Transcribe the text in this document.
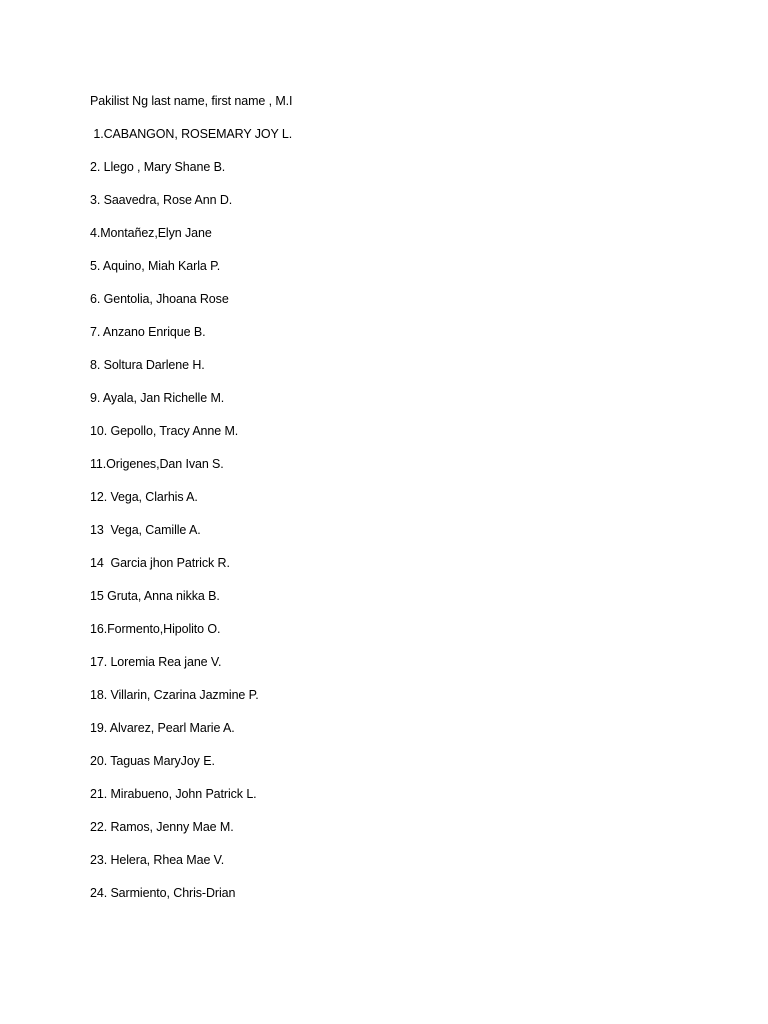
Pakilist Ng last name, first name , M.I
1.CABANGON, ROSEMARY JOY L.
2. Llego , Mary Shane B.
3. Saavedra, Rose Ann D.
4.Montañez,Elyn Jane
5. Aquino, Miah Karla P.
6. Gentolia, Jhoana Rose
7. Anzano Enrique B.
8. Soltura Darlene H.
9. Ayala, Jan Richelle M.
10. Gepollo, Tracy Anne M.
11.Origenes,Dan Ivan S.
12. Vega, Clarhis A.
13  Vega, Camille A.
14  Garcia jhon Patrick R.
15 Gruta, Anna nikka B.
16.Formento,Hipolito O.
17. Loremia Rea jane V.
18. Villarin, Czarina Jazmine P.
19. Alvarez, Pearl Marie A.
20. Taguas MaryJoy E.
21. Mirabueno, John Patrick L.
22. Ramos, Jenny Mae M.
23. Helera, Rhea Mae V.
24. Sarmiento, Chris-Drian
